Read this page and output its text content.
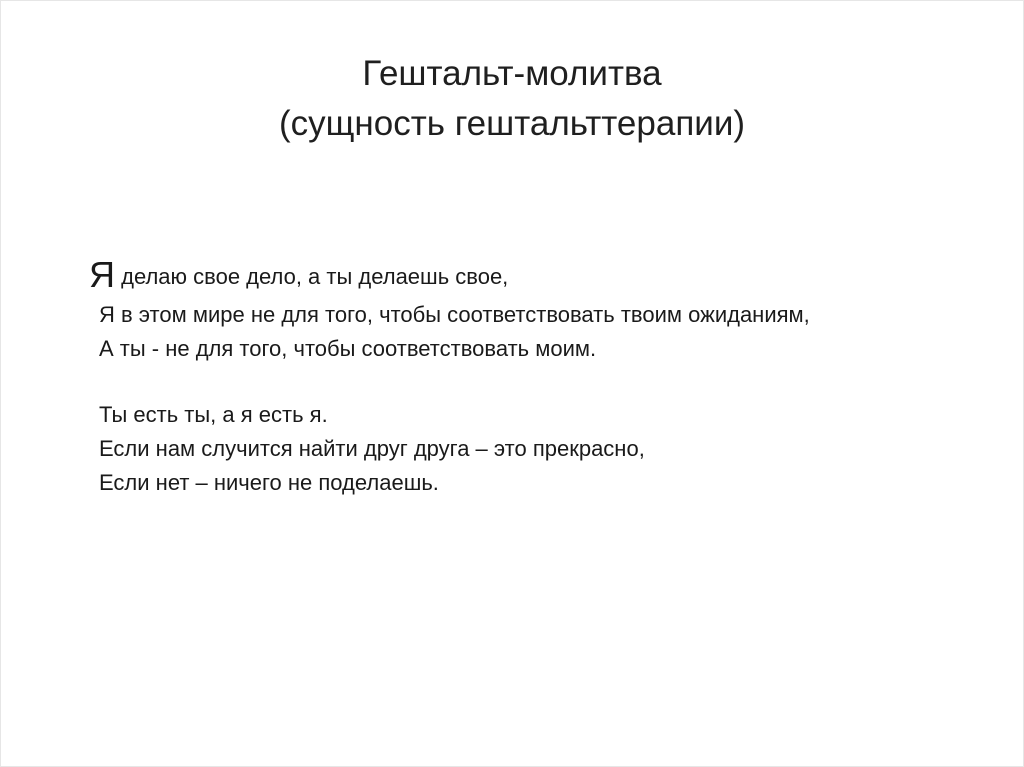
Гештальт-молитва
(сущность гештальттерапии)
Я делаю свое дело, а ты делаешь свое,
Я в этом мире не для того, чтобы соответствовать твоим ожиданиям,
А ты - не для того, чтобы соответствовать моим.
Ты есть ты, а я есть я.
Если нам случится найти друг друга – это прекрасно,
Если нет – ничего не поделаешь.
